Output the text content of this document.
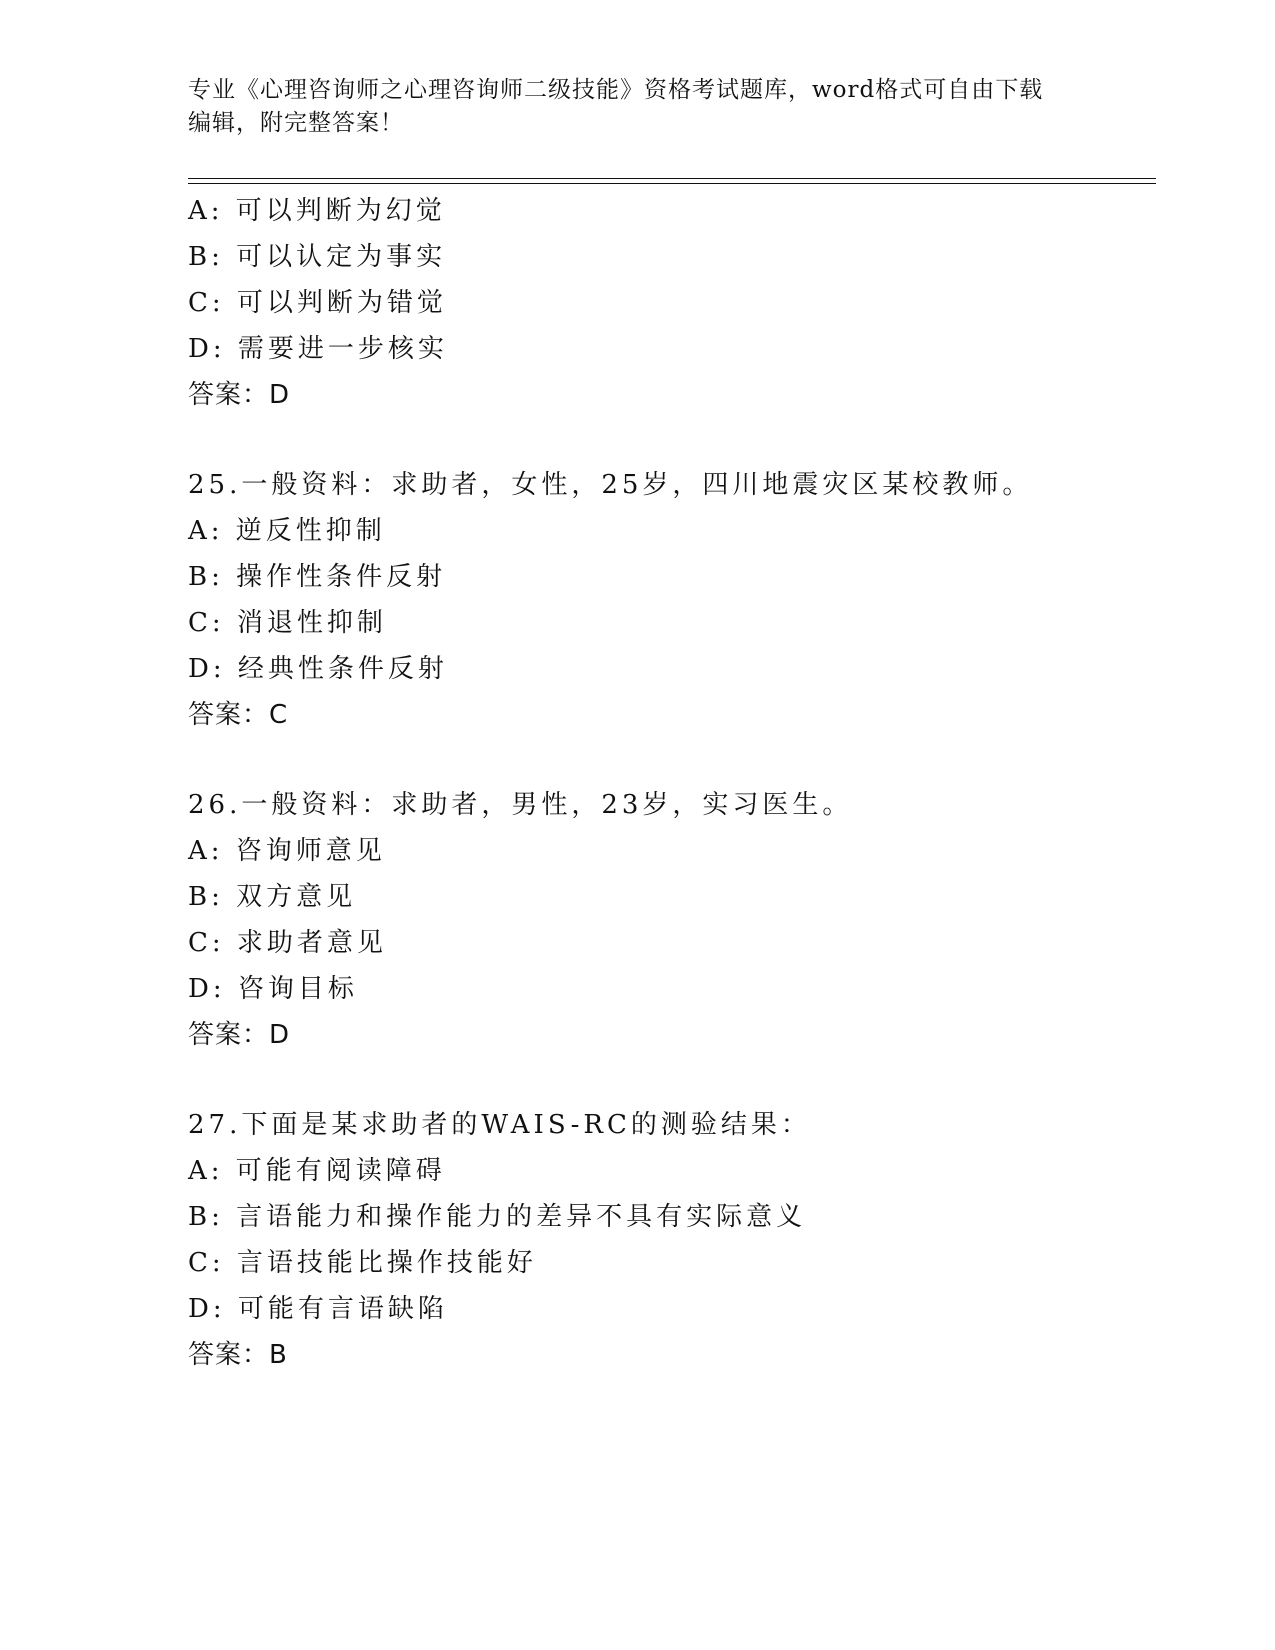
专业《心理咨询师之心理咨询师二级技能》资格考试题库，word格式可自由下载
编辑，附完整答案！
A: 可以判断为幻觉
B: 可以认定为事实
C: 可以判断为错觉
D: 需要进一步核实
答案：D
25.一般资料：求助者，女性，25岁，四川地震灾区某校教师。
A: 逆反性抑制
B: 操作性条件反射
C: 消退性抑制
D: 经典性条件反射
答案：C
26.一般资料：求助者，男性，23岁，实习医生。
A: 咨询师意见
B: 双方意见
C: 求助者意见
D: 咨询目标
答案：D
27.下面是某求助者的WAIS-RC的测验结果：
A: 可能有阅读障碍
B: 言语能力和操作能力的差异不具有实际意义
C: 言语技能比操作技能好
D: 可能有言语缺陷
答案：B
